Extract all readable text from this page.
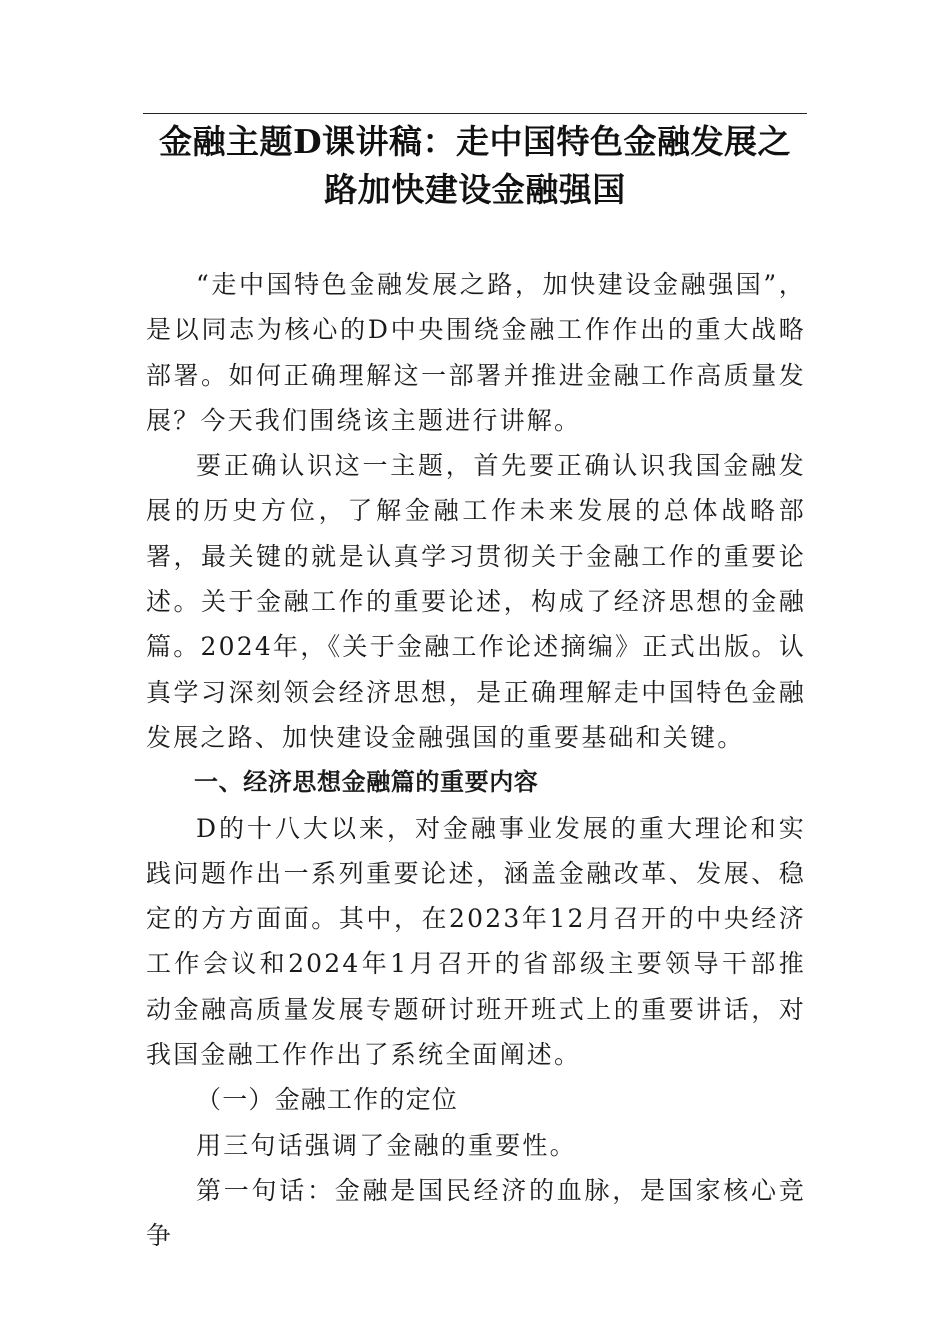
金融主题D课讲稿：走中国特色金融发展之路加快建设金融强国

“走中国特色金融发展之路，加快建设金融强国”，是以同志为核心的D中央围绕金融工作作出的重大战略部署。如何正确理解这一部署并推进金融工作高质量发展？今天我们围绕该主题进行讲解。

要正确认识这一主题，首先要正确认识我国金融发展的历史方位，了解金融工作未来发展的总体战略部署，最关键的就是认真学习贯彻关于金融工作的重要论述。关于金融工作的重要论述，构成了经济思想的金融篇。2024年，《关于金融工作论述摘编》正式出版。认真学习深刻领会经济思想，是正确理解走中国特色金融发展之路、加快建设金融强国的重要基础和关键。

一、经济思想金融篇的重要内容

D的十八大以来，对金融事业发展的重大理论和实践问题作出一系列重要论述，涵盖金融改革、发展、稳定的方方面面。其中，在2023年12月召开的中央经济工作会议和2024年1月召开的省部级主要领导干部推动金融高质量发展专题研讨班开班式上的重要讲话，对我国金融工作作出了系统全面阐述。

（一）金融工作的定位

用三句话强调了金融的重要性。

第一句话：金融是国民经济的血脉，是国家核心竞争
